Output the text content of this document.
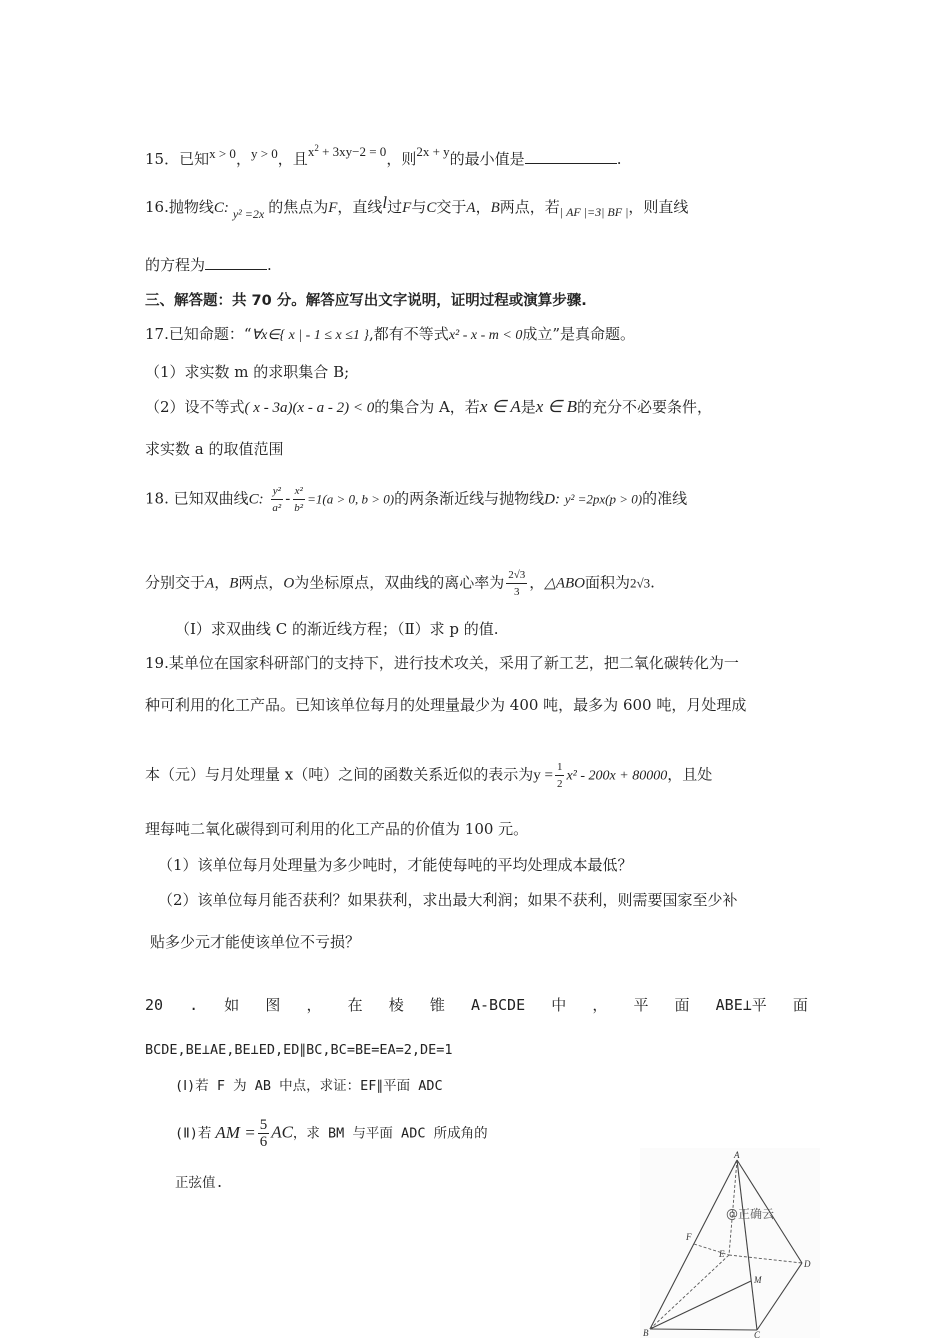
15．已知x > 0，y > 0，且$x^2 + 3xy-2 = 0$，则2x + y的最小值是	.
16.抛物线C: $_{y^2 =2x}$ 的焦点为F，直线l过F与C交于A，B两点，若$_{| AF |=3| BF |}$，则直线
的方程为	.
三、解答题：共 70 分。解答应写出文字说明，证明过程或演算步骤.
17.已知命题：“∀x∈{ x | - 1 ≤ x ≤1 },都有不等式x² - x - m < 0成立”是真命题。
（1）求实数 m 的求职集合 B;
（2）设不等式( x - 3a)(x - a - 2) < 0的集合为 A，若x ∈ A是x ∈ B的充分不必要条件，
求实数 a 的取值范围
18. 已知双曲线C: $\frac{\text{y²}}{\text{a²}} - \frac{\text{x²}}{\text{b²}} =1(a > 0$, b > 0)的两条渐近线与抛物线D: y² =2px(p > 0)的准线
分别交于A，B两点，O为坐标原点，双曲线的离心率为 $\frac{2√3}{3}$ ，△ABO面积为2√3.
（Ⅰ）求双曲线 C 的渐近线方程；（Ⅱ）求 p 的值.
19.某单位在国家科研部门的支持下，进行技术攻关，采用了新工艺，把二氧化碳转化为一
种可利用的化工产品。已知该单位每月的处理量最少为 400 吨，最多为 600 吨，月处理成
本（元）与月处理量 x（吨）之间的函数关系近似的表示为$y = \frac{1}{2} x^2 - 200x + 80000$，且处
理每吨二氧化碳得到可利用的化工产品的价值为 100 元。
（1）该单位每月处理量为多少吨时，才能使每吨的平均处理成本最低？
（2）该单位每月能否获利？如果获利，求出最大利润；如果不获利，则需要国家至少补
贴多少元才能使该单位不亏损？
20 . 如 图 ， 在 棱 锥 A-BCDE 中 ， 平 面 ABE⊥平 面
BCDE,BE⊥AE,BE⊥ED,ED∥BC,BC=BE=EA=2,DE=1
(Ⅰ)若 F 为 AB 中点，求证：EF∥平面 ADC
(Ⅱ)若 AM = $\frac{5}{6}$ AC，求 BM 与平面 ADC 所成角的
正弦值.
A
F
E
D
M
B	C
@正确云
